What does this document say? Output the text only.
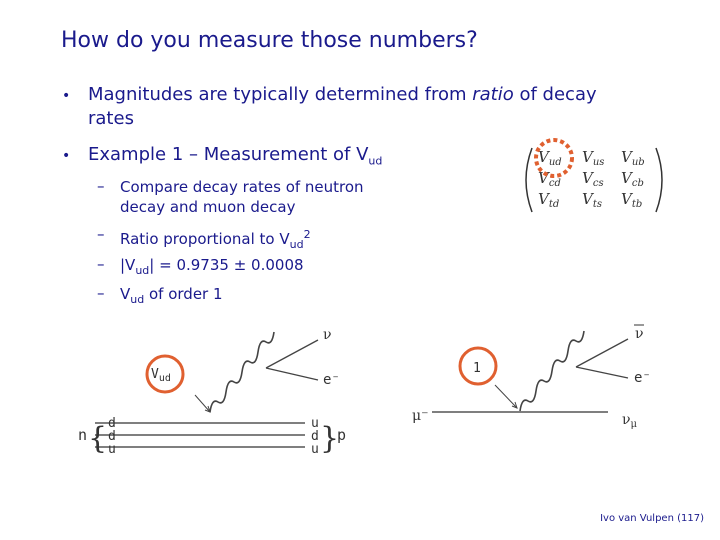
How do you measure those numbers?
• Magnitudes are typically determined from ratio of decay
rates
• Example 1 – Measurement of $V_{ud}$
– Compare decay rates of neutron
decay and muon decay
– Ratio proportional to $V_{ud}^2$
– $|V_{ud}| = 0.9735 \pm 0.0008$
– $V_{ud}$ of order 1
$V_{ud}$ $V_{us}$ $V_{ub}$
$V_{cd}$ $V_{cs}$ $V_{cb}$
$V_{td}$ $V_{ts}$ $V_{tb}$
n { d
d
u
u
d
u }
p
ν
e⁻
$V_{ud}$
μ⁻	$\nu_\mu$
ν
e⁻
1
Ivo van Vulpen (117)
